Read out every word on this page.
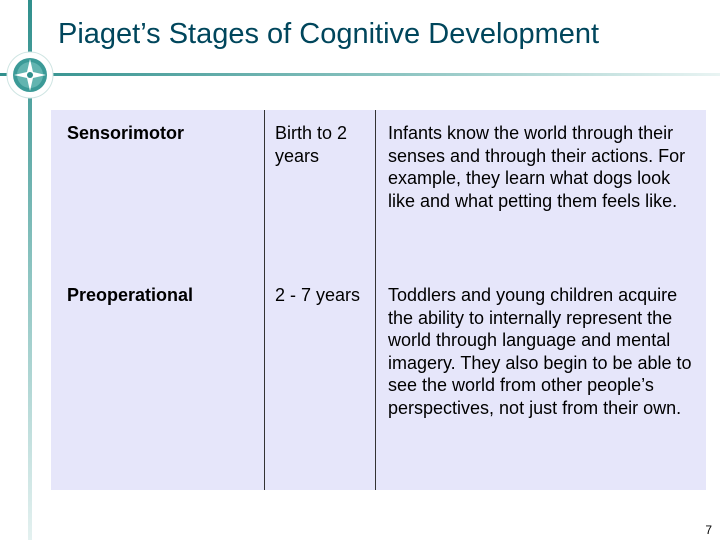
Piaget’s Stages of Cognitive Development
Sensorimotor	Birth to 2 years	Infants know the world through their senses and through their actions. For example, they learn what dogs look like and what petting them feels like.
Preoperational	2 - 7 years	Toddlers and young children acquire the ability to internally represent the world through language and mental imagery. They also begin to be able to see the world from other people’s perspectives, not just from their own.
7
